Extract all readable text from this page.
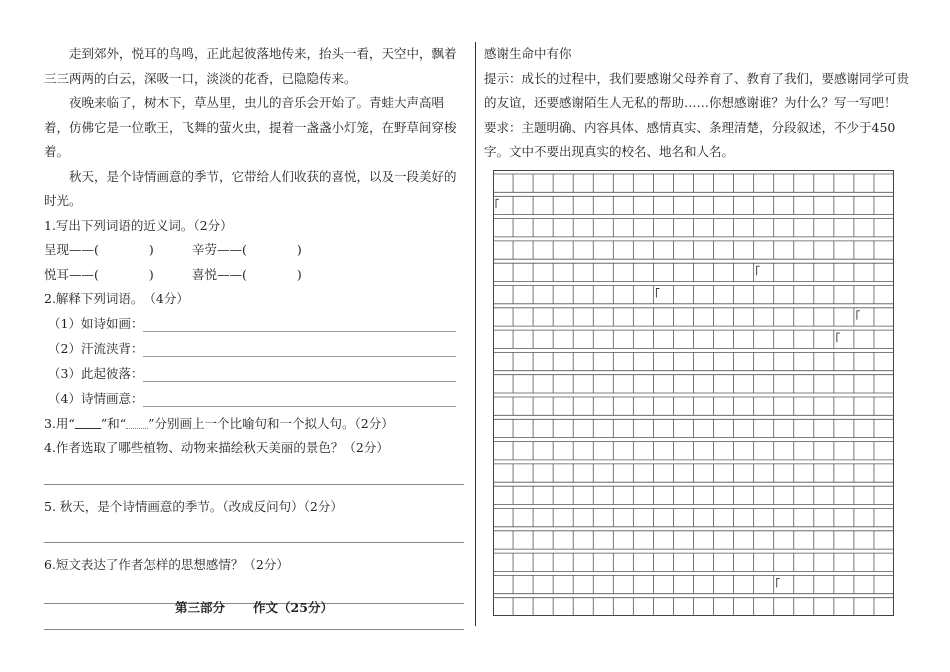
走到郊外，悦耳的鸟鸣，正此起彼落地传来，抬头一看，天空中，飘着三三两两的白云，深吸一口，淡淡的花香，已隐隐传来。

夜晚来临了，树木下，草丛里，虫儿的音乐会开始了。青蛙大声高唱着，仿佛它是一位歌王，飞舞的萤火虫，提着一盏盏小灯笼，在野草间穿梭着。

秋天，是个诗情画意的季节，它带给人们收获的喜悦，以及一段美好的时光。

1.写出下列词语的近义词。（2分）

呈现——(　　　　)	辛劳——(　　　　)
悦耳——(　　　　)	喜悦——(　　　　)

2.解释下列词语。　（4分）

（1）如诗如画：
（2）汗流浃背：
（3）此起彼落：
（4）诗情画意：

3.用“ ”和“ ”分别画上一个比喻句和一个拟人句。（2分）

4.作者选取了哪些植物、动物来描绘秋天美丽的景色？（2分）

5. 秋天，是个诗情画意的季节。（改成反问句）（2分）

6.短文表达了作者怎样的思想感情？（2分）

第三部分 作文（25分）

感谢生命中有你

提示：成长的过程中，我们要感谢父母养育了、教育了我们，要感谢同学可贵的友谊，还要感谢陌生人无私的帮助……你想感谢谁？为什么？写一写吧！

要求：主题明确、内容具体、感情真实、条理清楚，分段叙述，不少于450字。文中不要出现真实的校名、地名和人名。
